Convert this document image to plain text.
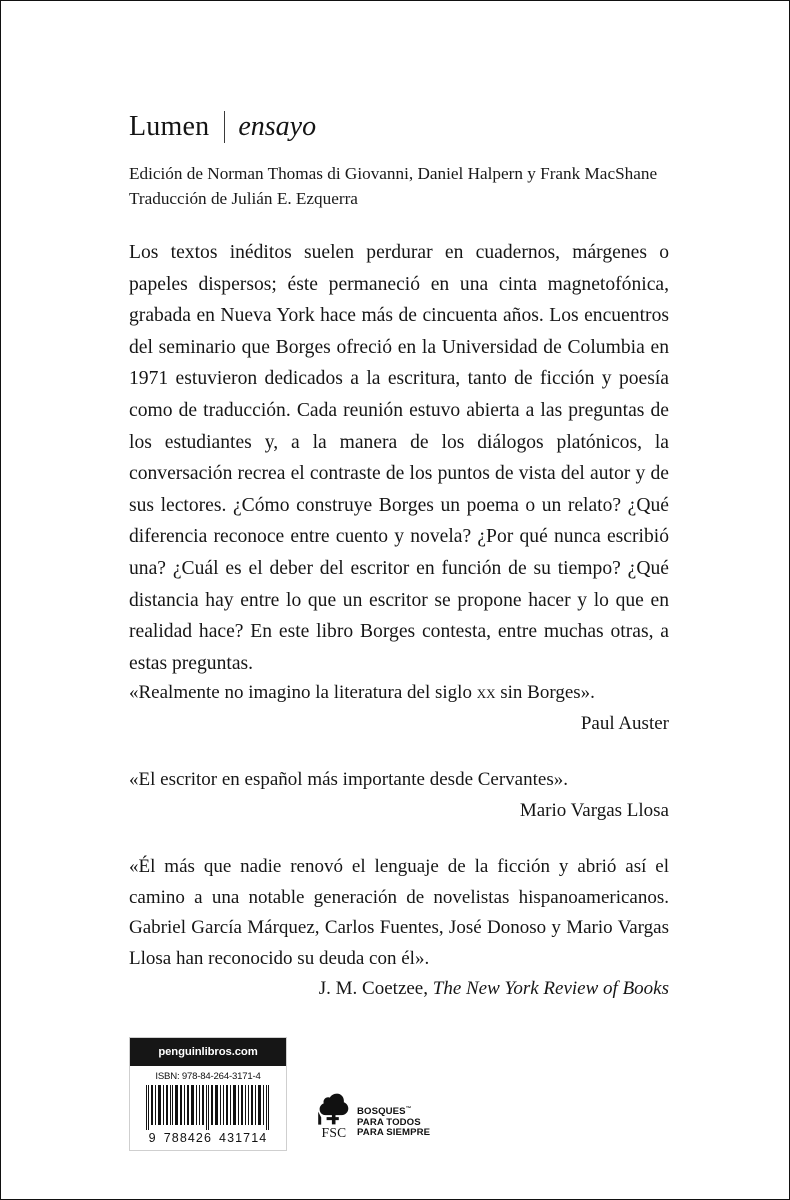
Lumen ensayo
Edición de Norman Thomas di Giovanni, Daniel Halpern y Frank MacShane
Traducción de Julián E. Ezquerra
Los textos inéditos suelen perdurar en cuadernos, márgenes o papeles dispersos; éste permaneció en una cinta magnetofónica, grabada en Nueva York hace más de cincuenta años. Los encuentros del seminario que Borges ofreció en la Universidad de Columbia en 1971 estuvieron dedicados a la escritura, tanto de ficción y poesía como de traducción. Cada reunión estuvo abierta a las preguntas de los estudiantes y, a la manera de los diálogos platónicos, la conversación recrea el contraste de los puntos de vista del autor y de sus lectores. ¿Cómo construye Borges un poema o un relato? ¿Qué diferencia reconoce entre cuento y novela? ¿Por qué nunca escribió una? ¿Cuál es el deber del escritor en función de su tiempo? ¿Qué distancia hay entre lo que un escritor se propone hacer y lo que en realidad hace? En este libro Borges contesta, entre muchas otras, a estas preguntas.
«Realmente no imagino la literatura del siglo xx sin Borges».
Paul Auster
«El escritor en español más importante desde Cervantes».
Mario Vargas Llosa
«Él más que nadie renovó el lenguaje de la ficción y abrió así el camino a una notable generación de novelistas hispanoamericanos. Gabriel García Márquez, Carlos Fuentes, José Donoso y Mario Vargas Llosa han reconocido su deuda con él».
J. M. Coetzee, The New York Review of Books
penguinlibros.com
ISBN: 978-84-264-3171-4
9 788426 431714	FSC
BOSQUES™
PARA TODOS
PARA SIEMPRE
